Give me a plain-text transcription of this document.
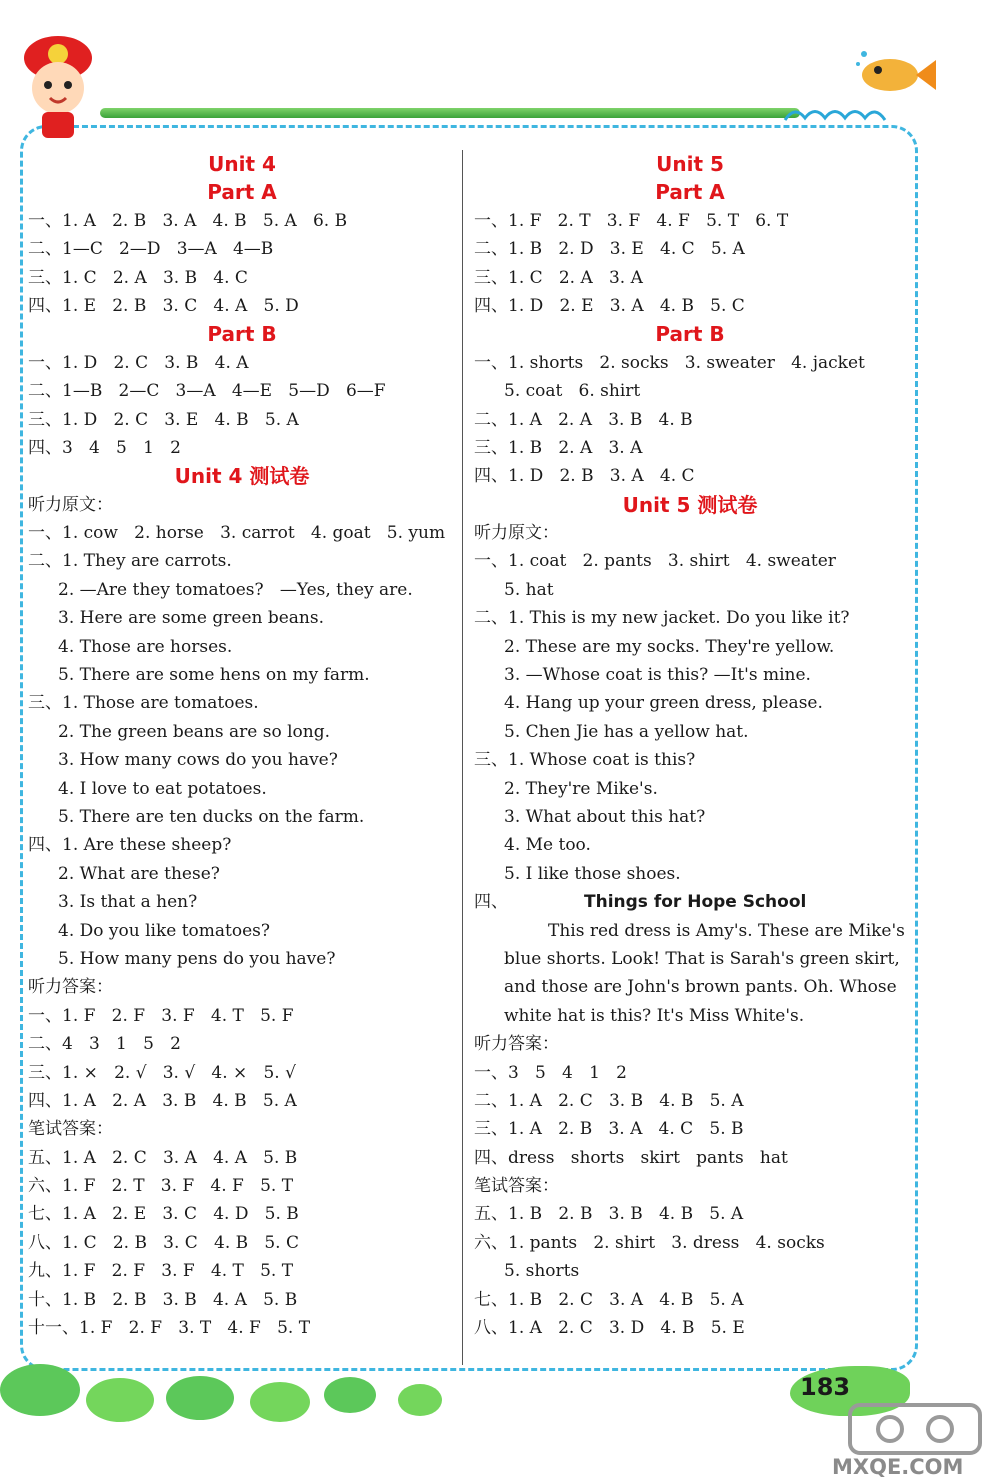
Unit 4
Part A
一、1. A   2. B   3. A   4. B   5. A   6. B
二、1—C   2—D   3—A   4—B
三、1. C   2. A   3. B   4. C
四、1. E   2. B   3. C   4. A   5. D
Part B
一、1. D   2. C   3. B   4. A
二、1—B   2—C   3—A   4—E   5—D   6—F
三、1. D   2. C   3. E   4. B   5. A
四、3   4   5   1   2
Unit 4 测试卷
听力原文：
一、1. cow   2. horse   3. carrot   4. goat   5. yum
二、1. They are carrots.
2. —Are they tomatoes?   —Yes, they are.
3. Here are some green beans.
4. Those are horses.
5. There are some hens on my farm.
三、1. Those are tomatoes.
2. The green beans are so long.
3. How many cows do you have?
4. I love to eat potatoes.
5. There are ten ducks on the farm.
四、1. Are these sheep?
2. What are these?
3. Is that a hen?
4. Do you like tomatoes?
5. How many pens do you have?
听力答案：
一、1. F   2. F   3. F   4. T   5. F
二、4   3   1   5   2
三、1. ×   2. √   3. √   4. ×   5. √
四、1. A   2. A   3. B   4. B   5. A
笔试答案：
五、1. A   2. C   3. A   4. A   5. B
六、1. F   2. T   3. F   4. F   5. T
七、1. A   2. E   3. C   4. D   5. B
八、1. C   2. B   3. C   4. B   5. C
九、1. F   2. F   3. F   4. T   5. T
十、1. B   2. B   3. B   4. A   5. B
十一、1. F   2. F   3. T   4. F   5. T
Unit 5
Part A
一、1. F   2. T   3. F   4. F   5. T   6. T
二、1. B   2. D   3. E   4. C   5. A
三、1. C   2. A   3. A
四、1. D   2. E   3. A   4. B   5. C
Part B
一、1. shorts   2. socks   3. sweater   4. jacket
5. coat   6. shirt
二、1. A   2. A   3. B   4. B
三、1. B   2. A   3. A
四、1. D   2. B   3. A   4. C
Unit 5 测试卷
听力原文：
一、1. coat   2. pants   3. shirt   4. sweater
5. hat
二、1. This is my new jacket. Do you like it?
2. These are my socks. They're yellow.
3. —Whose coat is this? —It's mine.
4. Hang up your green dress, please.
5. Chen Jie has a yellow hat.
三、1. Whose coat is this?
2. They're Mike's.
3. What about this hat?
4. Me too.
5. I like those shoes.
四、	Things for Hope School
This red dress is Amy's. These are Mike's
blue shorts. Look! That is Sarah's green skirt,
and those are John's brown pants. Oh. Whose
white hat is this? It's Miss White's.
听力答案：
一、3   5   4   1   2
二、1. A   2. C   3. B   4. B   5. A
三、1. A   2. B   3. A   4. C   5. B
四、dress   shorts   skirt   pants   hat
笔试答案：
五、1. B   2. B   3. B   4. B   5. A
六、1. pants   2. shirt   3. dress   4. socks
5. shorts
七、1. B   2. C   3. A   4. B   5. A
八、1. A   2. C   3. D   4. B   5. E
183
MXQE.COM
